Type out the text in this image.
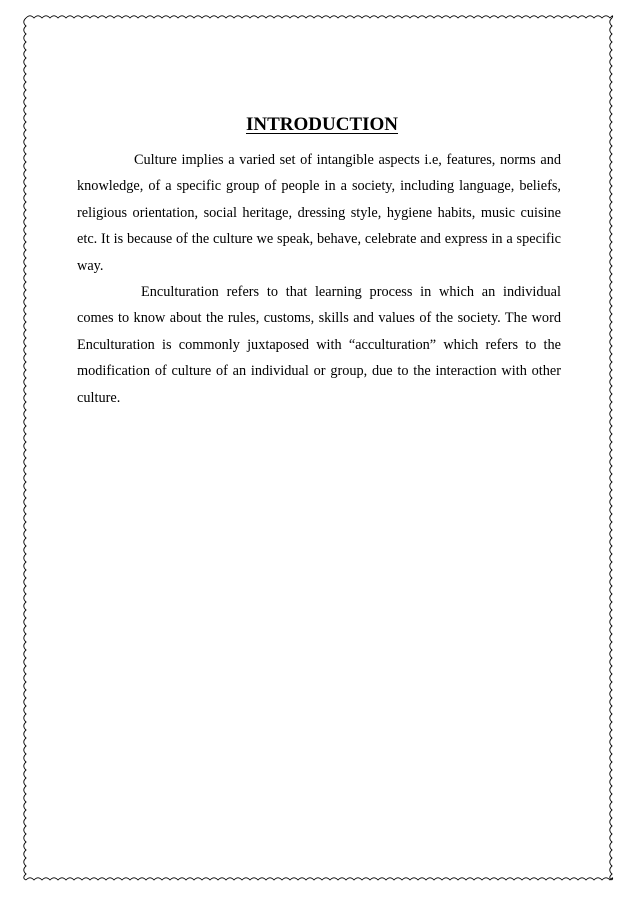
INTRODUCTION

Culture implies a varied set of intangible aspects i.e, features, norms and knowledge, of a specific group of people in a society, including language, beliefs, religious orientation, social heritage, dressing style, hygiene habits, music cuisine etc. It is because of the culture we speak, behave, celebrate and express in a specific way.

Enculturation refers to that learning process in which an individual comes to know about the rules, customs, skills and values of the society. The word Enculturation is commonly juxtaposed with “acculturation” which refers to the modification of culture of an individual or group, due to the interaction with other culture.
